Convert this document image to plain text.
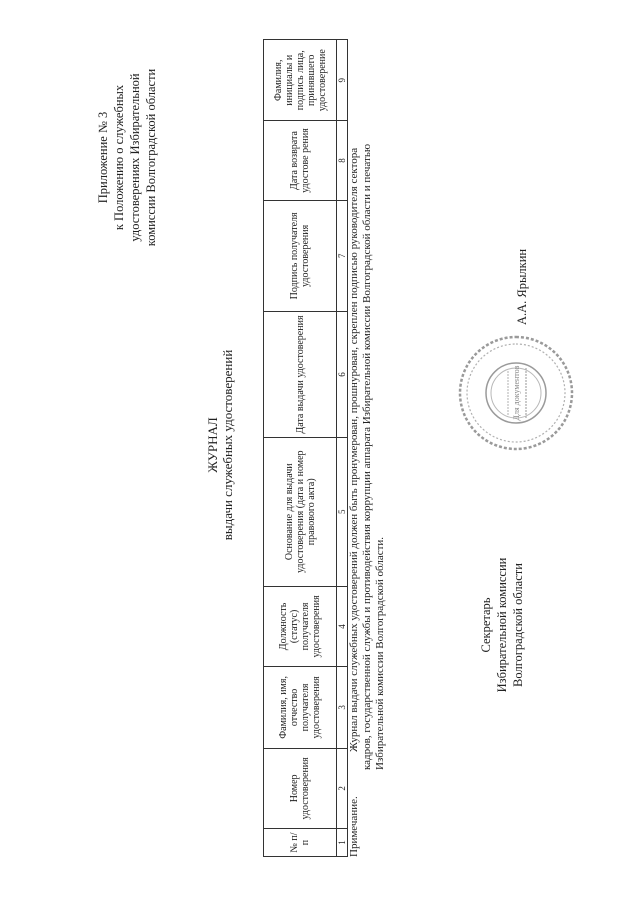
Приложение № 3 к Положению о служебных удостоверениях Избирательной комиссии Волгоградской области
ЖУРНАЛ выдачи служебных удостоверений
№ п/п	Номер удостоверения	Фамилия, имя, отчество получателя удостоверения	Должность (статус) получателя удостоверения	Основание для выдачи удостоверения (дата и номер правового акта)	Дата выдачи удостоверения	Подпись получателя удостоверения	Дата возврата удостове рения	Фамилия, инициалы и подпись лица, принявшего удостоверение
1	2	3	4	5	6	7	8	9
Примечание.
Журнал выдачи служебных удостоверений должен быть пронумерован, прошнурован, скреплен подписью руководителя сектора кадров, государственной службы и противодействия коррупции аппарата Избирательной комиссии Волгоградской области и печатью Избирательной комиссии Волгоградской области.	Секретарь Избирательной комиссии Волгоградской области
Для документов
А.А. Ярылкин
